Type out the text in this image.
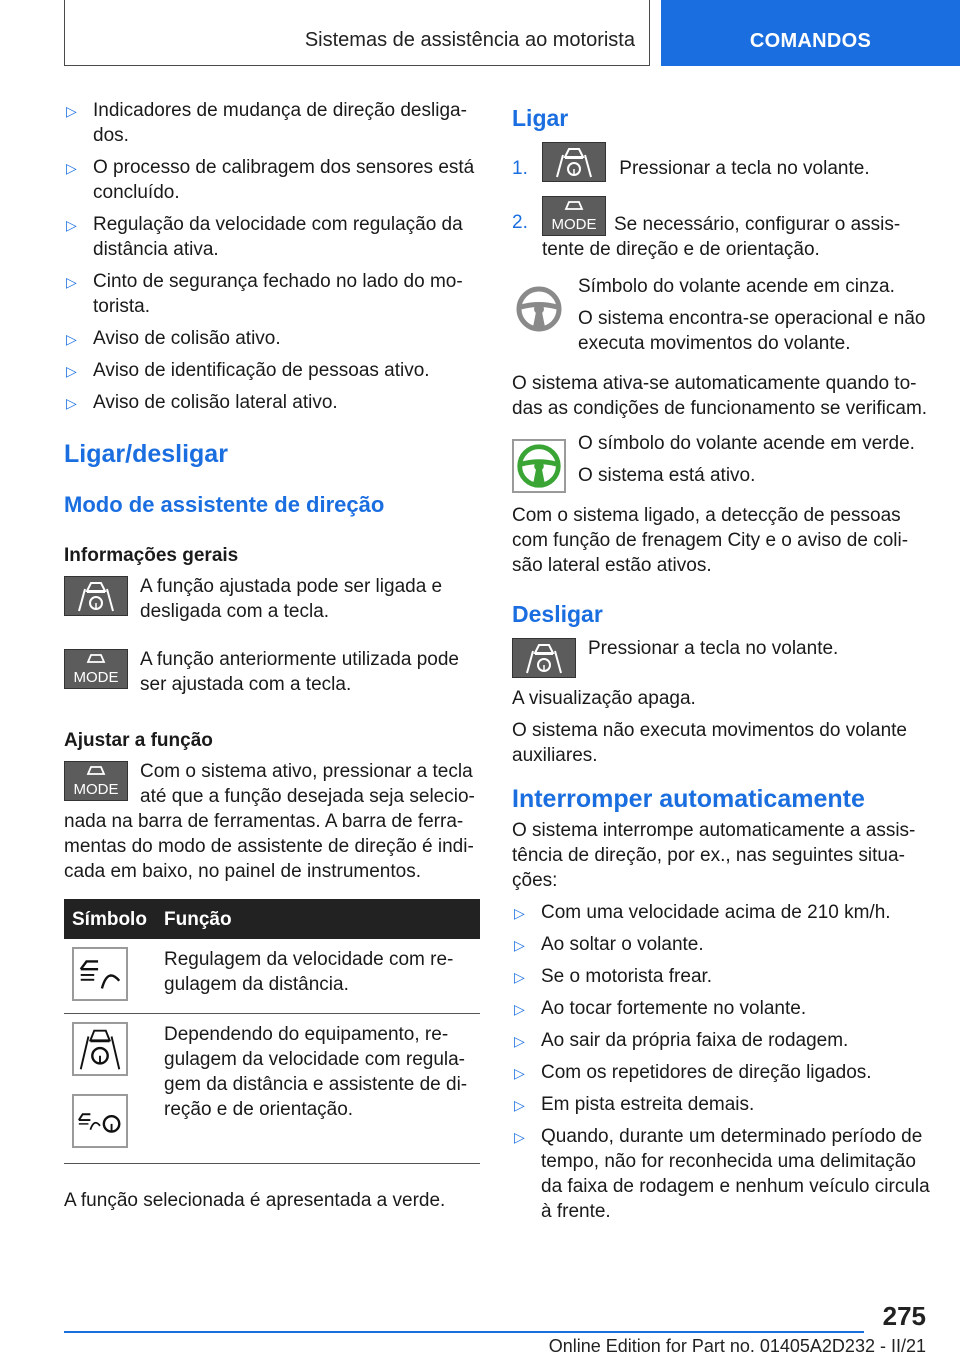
Sistemas de assistência ao motorista	COMANDOS
▷ Indicadores de mudança de direção desliga-dos.
▷ O processo de calibragem dos sensores está concluído.
▷ Regulação da velocidade com regulação da distância ativa.
▷ Cinto de segurança fechado no lado do mo-torista.
▷ Aviso de colisão ativo.
▷ Aviso de identificação de pessoas ativo.
▷ Aviso de colisão lateral ativo.
Ligar/desligar
Modo de assistente de direção
Informações gerais

A função ajustada pode ser ligada e desligada com a tecla.

MODE

A função anteriormente utilizada pode ser ajustada com a tecla.

Ajustar a função
MODE

Com o sistema ativo, pressionar a tecla até que a função desejada seja selecio-nada na barra de ferramentas. A barra de ferra-mentas do modo de assistente de direção é indi-cada em baixo, no painel de instrumentos.

Símbolo	Função

	Regulagem da velocidade com re-gulagem da distância.

	Dependendo do equipamento, re-gulagem da velocidade com regula-gem da distância e assistente de di-reção e de orientação.

A função selecionada é apresentada a verde.

Ligar
1.	Pressionar a tecla no volante.
2. MODE Se necessário, configurar o assis-tente de direção e de orientação.

Símbolo do volante acende em cinza.

O sistema encontra-se operacional e não executa movimentos do volante.

O sistema ativa-se automaticamente quando to-das as condições de funcionamento se verificam.

O símbolo do volante acende em verde.

O sistema está ativo.

Com o sistema ligado, a detecção de pessoas com função de frenagem City e o aviso de coli-são lateral estão ativos.

Desligar

Pressionar a tecla no volante.

A visualização apaga.

O sistema não executa movimentos do volante auxiliares.

Interromper automaticamente

O sistema interrompe automaticamente a assis-tência de direção, por ex., nas seguintes situa-ções:

▷ Com uma velocidade acima de 210 km/h.
▷ Ao soltar o volante.
▷ Se o motorista frear.
▷ Ao tocar fortemente no volante.
▷ Ao sair da própria faixa de rodagem.
▷ Com os repetidores de direção ligados.
▷ Em pista estreita demais.
▷ Quando, durante um determinado período de tempo, não for reconhecida uma delimitação da faixa de rodagem e nenhum veículo circula à frente.
275
Online Edition for Part no. 01405A2D232 - II/21
